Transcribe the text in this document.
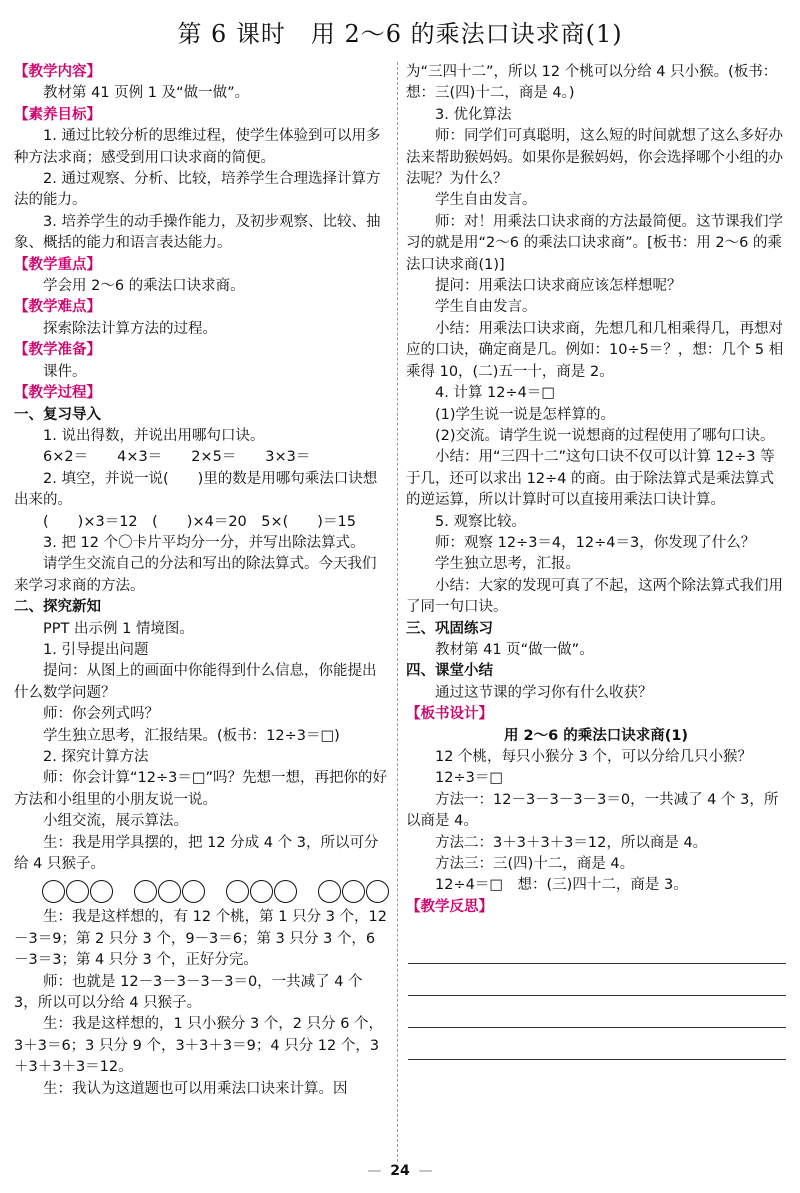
第 6 课时　用 2～6 的乘法口诀求商(1)

【教学内容】

教材第 41 页例 1 及“做一做”。

【素养目标】

1. 通过比较分析的思维过程，使学生体验到可以用多种方法求商；感受到用口诀求商的简便。

2. 通过观察、分析、比较，培养学生合理选择计算方法的能力。

3. 培养学生的动手操作能力，及初步观察、比较、抽象、概括的能力和语言表达能力。

【教学重点】

学会用 2～6 的乘法口诀求商。

【教学难点】

探索除法计算方法的过程。

【教学准备】

课件。

【教学过程】

一、复习导入

1. 说出得数，并说出用哪句口诀。

6×2＝　　4×3＝　　2×5＝　　3×3＝

2. 填空，并说一说(　　)里的数是用哪句乘法口诀想出来的。

(　　)×3＝12　(　　)×4＝20　5×(　　)＝15

3. 把 12 个〇卡片平均分一分，并写出除法算式。

请学生交流自己的分法和写出的除法算式。今天我们来学习求商的方法。

二、探究新知

PPT 出示例 1 情境图。

1. 引导提出问题

提问：从图上的画面中你能得到什么信息，你能提出什么数学问题？

师：你会列式吗？

学生独立思考，汇报结果。(板书：12÷3＝□)

2. 探究计算方法

师：你会计算“12÷3＝□”吗？先想一想，再把你的好方法和小组里的小朋友说一说。

小组交流，展示算法。

生：我是用学具摆的，把 12 分成 4 个 3，所以可分给 4 只猴子。

生：我是这样想的，有 12 个桃，第 1 只分 3 个，12－3＝9；第 2 只分 3 个，9－3＝6；第 3 只分 3 个，6－3＝3；第 4 只分 3 个，正好分完。

师：也就是 12－3－3－3－3＝0，一共减了 4 个 3，所以可以分给 4 只猴子。

生：我是这样想的，1 只小猴分 3 个，2 只分 6 个，3＋3＝6；3 只分 9 个，3＋3＋3＝9；4 只分 12 个，3＋3＋3＋3＝12。

生：我认为这道题也可以用乘法口诀来计算。因

为“三四十二”，所以 12 个桃可以分给 4 只小猴。(板书：想：三(四)十二，商是 4。)

3. 优化算法

师：同学们可真聪明，这么短的时间就想了这么多好办法来帮助猴妈妈。如果你是猴妈妈，你会选择哪个小组的办法呢？为什么？

学生自由发言。

师：对！用乘法口诀求商的方法最简便。这节课我们学习的就是用“2～6 的乘法口诀求商”。[板书：用 2～6 的乘法口诀求商(1)]

提问：用乘法口诀求商应该怎样想呢？

学生自由发言。

小结：用乘法口诀求商，先想几和几相乘得几，再想对应的口诀，确定商是几。例如：10÷5＝？，想：几个 5 相乘得 10，(二)五一十，商是 2。

4. 计算 12÷4＝□

(1)学生说一说是怎样算的。

(2)交流。请学生说一说想商的过程使用了哪句口诀。

小结：用“三四十二”这句口诀不仅可以计算 12÷3 等于几，还可以求出 12÷4 的商。由于除法算式是乘法算式的逆运算，所以计算时可以直接用乘法口诀计算。

5. 观察比较。

师：观察 12÷3＝4，12÷4＝3，你发现了什么？

学生独立思考，汇报。

小结：大家的发现可真了不起，这两个除法算式我们用了同一句口诀。

三、巩固练习

教材第 41 页“做一做”。

四、课堂小结

通过这节课的学习你有什么收获？

【板书设计】

用 2～6 的乘法口诀求商(1)

12 个桃，每只小猴分 3 个，可以分给几只小猴？

12÷3＝□

方法一：12－3－3－3－3＝0，一共减了 4 个 3，所以商是 4。

方法二：3＋3＋3＋3＝12，所以商是 4。

方法三：三(四)十二，商是 4。

12÷4＝□　想：(三)四十二，商是 3。

【教学反思】

— 24 —
